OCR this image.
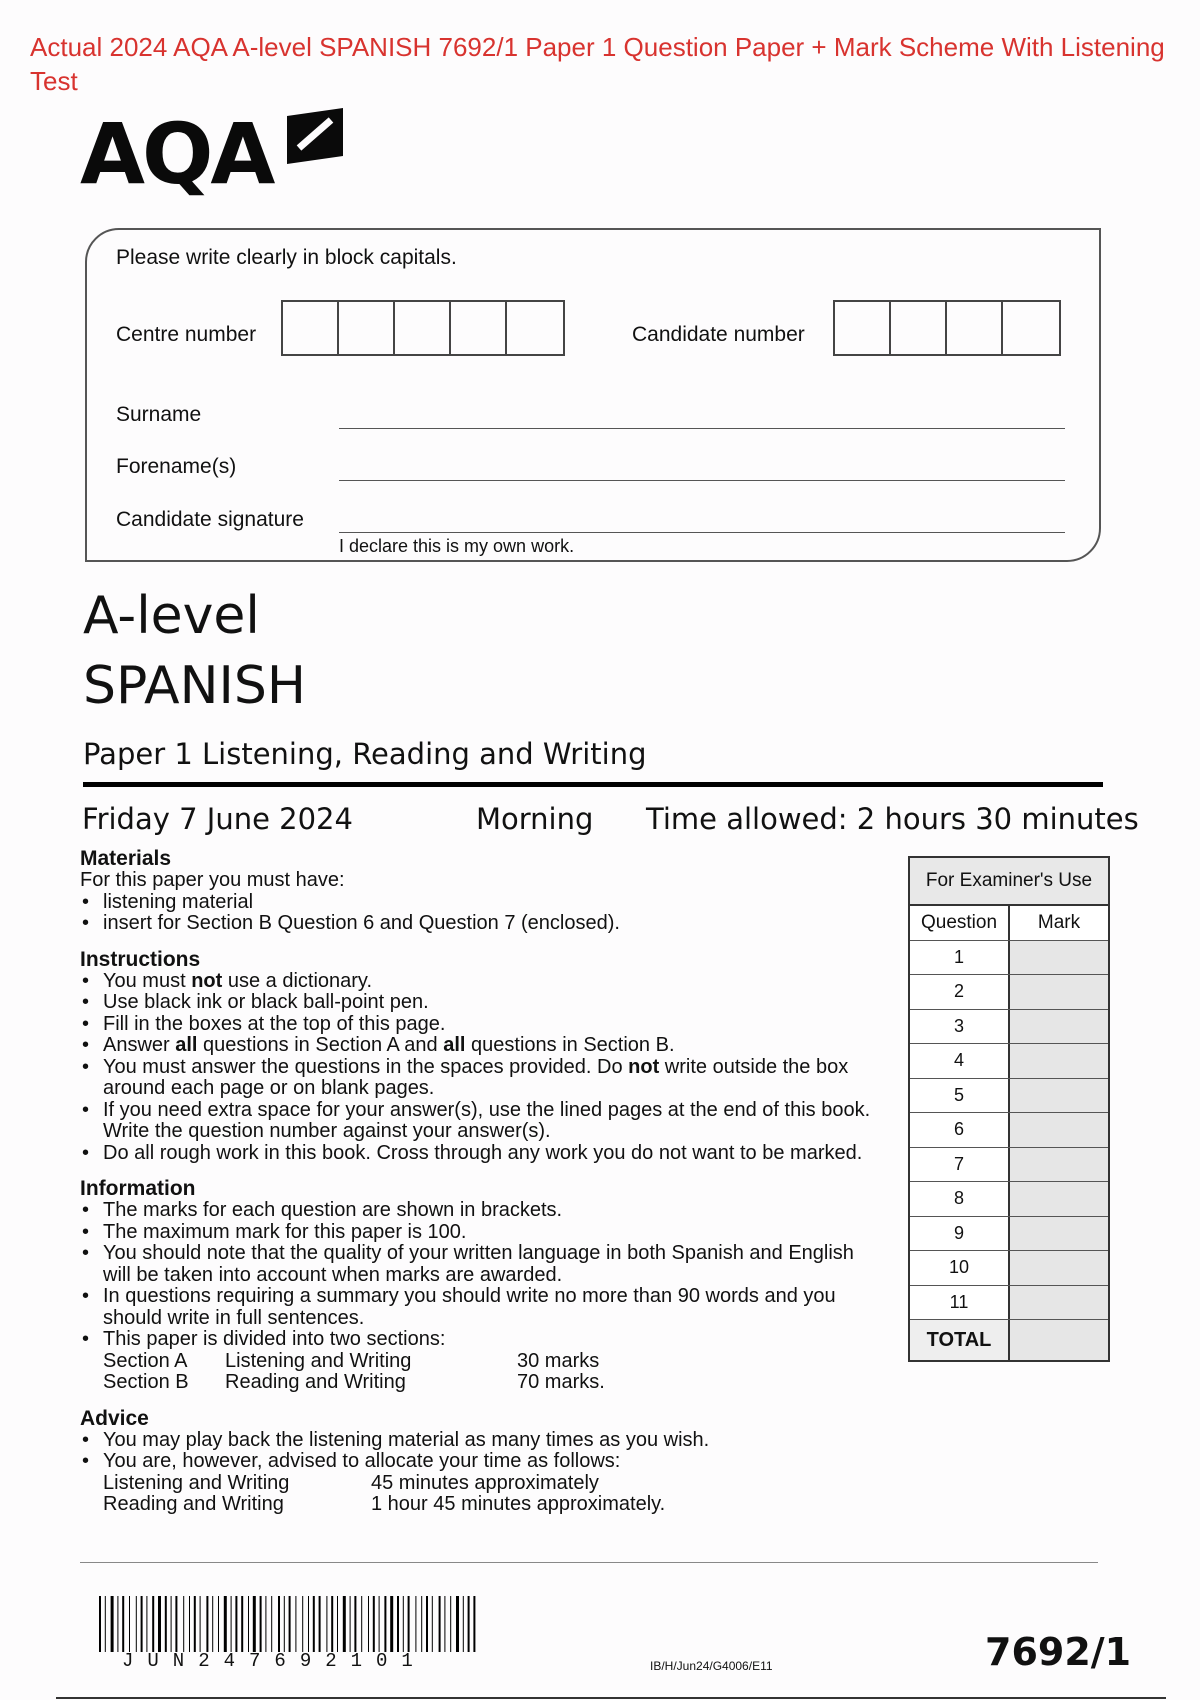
Actual 2024 AQA A-level SPANISH 7692/1 Paper 1 Question Paper + Mark Scheme With Listening Test
AQA
Please write clearly in block capitals.
Centre number	Candidate number
Surname
Forename(s)
Candidate signature
I declare this is my own work.
A-level
SPANISH
Paper 1 Listening, Reading and Writing
Friday 7 June 2024	Morning Time allowed: 2 hours 30 minutes
Materials

For this paper you must have:

• listening material
• insert for Section B Question 6 and Question 7 (enclosed).
Instructions
• You must not use a dictionary.
• Use black ink or black ball-point pen.
• Fill in the boxes at the top of this page.
• Answer all questions in Section A and all questions in Section B.
• You must answer the questions in the spaces provided. Do not write outside the box around each page or on blank pages.
• If you need extra space for your answer(s), use the lined pages at the end of this book. Write the question number against your answer(s).
• Do all rough work in this book. Cross through any work you do not want to be marked.
Information
• The marks for each question are shown in brackets.
• The maximum mark for this paper is 100.
• You should note that the quality of your written language in both Spanish and English will be taken into account when marks are awarded.
• In questions requiring a summary you should write no more than 90 words and you should write in full sentences.
• This paper is divided into two sections:
Section A	Listening and Writing	30 marks
Section B	Reading and Writing	70 marks.
Advice
• You may play back the listening material as many times as you wish.
• You are, however, advised to allocate your time as follows:
Listening and Writing	45 minutes approximately
Reading and Writing	1 hour 45 minutes approximately.
For Examiner's Use
Question	Mark
1
2
3
4
5
6
7
8
9
10
11
TOTAL
JUN247692101	IB/H/Jun24/G4006/E11	7692/1
